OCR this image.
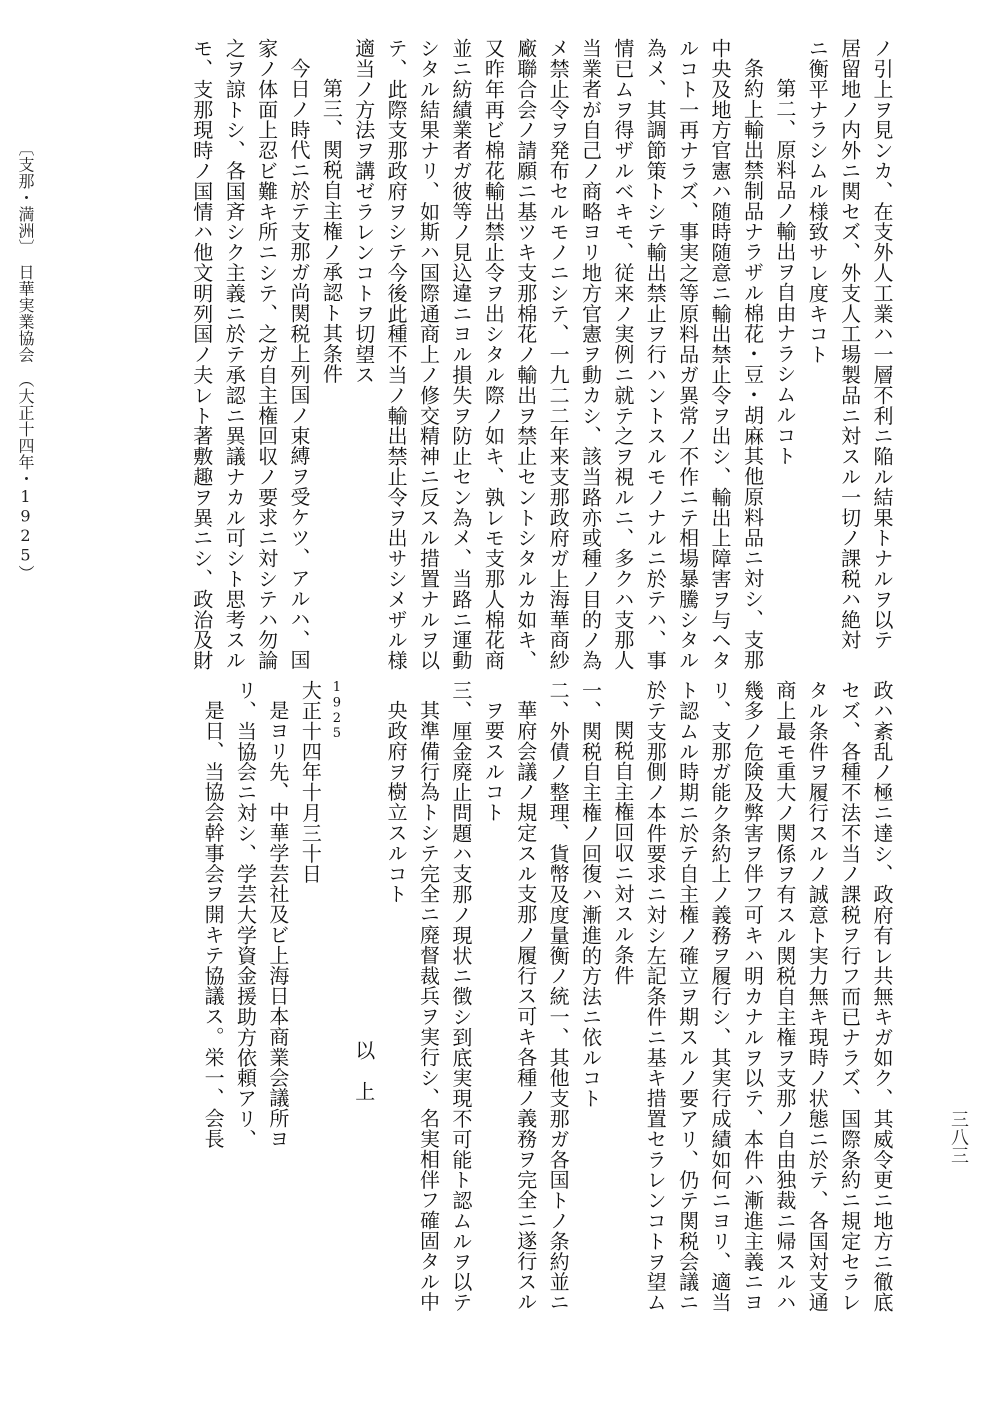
ノ引上ヲ見ンカ、在支外人工業ハ一層不利ニ陥ル結果トナルヲ以テ
居留地ノ内外ニ関セズ、外支人工場製品ニ対スル一切ノ課税ハ絶対
ニ衡平ナラシムル様致サレ度キコト
第二、原料品ノ輸出ヲ自由ナラシムルコト
条約上輸出禁制品ナラザル棉花・豆・胡麻其他原料品ニ対シ、支那
中央及地方官憲ハ随時随意ニ輸出禁止令ヲ出シ、輸出上障害ヲ与ヘタ
ルコト一再ナラズ、事実之等原料品ガ異常ノ不作ニテ相場暴騰シタル
為メ、其調節策トシテ輸出禁止ヲ行ハントスルモノナルニ於テハ、事
情已ムヲ得ザルベキモ、従来ノ実例ニ就テ之ヲ視ルニ、多クハ支那人
当業者が自己ノ商略ヨリ地方官憲ヲ動カシ、該当路亦或種ノ目的ノ為
メ禁止令ヲ発布セルモノニシテ、一九二二年来支那政府ガ上海華商紗
廠聯合会ノ請願ニ基ツキ支那棉花ノ輸出ヲ禁止セントシタルカ如キ、
又昨年再ビ棉花輸出禁止令ヲ出シタル際ノ如キ、孰レモ支那人棉花商
並ニ紡績業者ガ彼等ノ見込違ニヨル損失ヲ防止セン為メ、当路ニ運動
シタル結果ナリ、如斯ハ国際通商上ノ修交精神ニ反スル措置ナルヲ以
テ、此際支那政府ヲシテ今後此種不当ノ輸出禁止令ヲ出サシメザル様
適当ノ方法ヲ講ゼラレンコトヲ切望ス
第三、関税自主権ノ承認ト其条件
今日ノ時代ニ於テ支那ガ尚関税上列国ノ束縛ヲ受ケツ、アルハ、国
家ノ体面上忍ビ難キ所ニシテ、之ガ自主権回収ノ要求ニ対シテハ勿論
之ヲ諒トシ、各国斉シク主義ニ於テ承認ニ異議ナカル可シト思考スル
モ、支那現時ノ国情ハ他文明列国ノ夫レト著敷趣ヲ異ニシ、政治及財
政ハ紊乱ノ極ニ達シ、政府有レ共無キガ如ク、其威令更ニ地方ニ徹底
セズ、各種不法不当ノ課税ヲ行フ而已ナラズ、国際条約ニ規定セラレ
タル条件ヲ履行スルノ誠意ト実力無キ現時ノ状態ニ於テ、各国対支通
商上最モ重大ノ関係ヲ有スル関税自主権ヲ支那ノ自由独裁ニ帰スルハ
幾多ノ危険及弊害ヲ伴フ可キハ明カナルヲ以テ、本件ハ漸進主義ニヨ
リ、支那ガ能ク条約上ノ義務ヲ履行シ、其実行成績如何ニヨリ、適当
ト認ムル時期ニ於テ自主権ノ確立ヲ期スルノ要アリ、仍テ関税会議ニ
於テ支那側ノ本件要求ニ対シ左記条件ニ基キ措置セラレンコトヲ望ム
関税自主権回収ニ対スル条件
一、関税自主権ノ回復ハ漸進的方法ニ依ルコト
二、外債ノ整理、貨幣及度量衡ノ統一、其他支那ガ各国トノ条約並ニ
華府会議ノ規定スル支那ノ履行ス可キ各種ノ義務ヲ完全ニ遂行スル
ヲ要スルコト
三、厘金廃止問題ハ支那ノ現状ニ徴シ到底実現不可能ト認ムルヲ以テ
其準備行為トシテ完全ニ廃督裁兵ヲ実行シ、名実相伴フ確固タル中
央政府ヲ樹立スルコト
以　上
1925
大正十四年十月三十日
是ヨリ先、中華学芸社及ビ上海日本商業会議所ヨ
リ、当協会ニ対シ、学芸大学資金援助方依頼アリ、
是日、当協会幹事会ヲ開キテ協議ス。栄一、会長
〔支那・満洲〕　日華実業協会　（大正十四年・1925）
三八三
